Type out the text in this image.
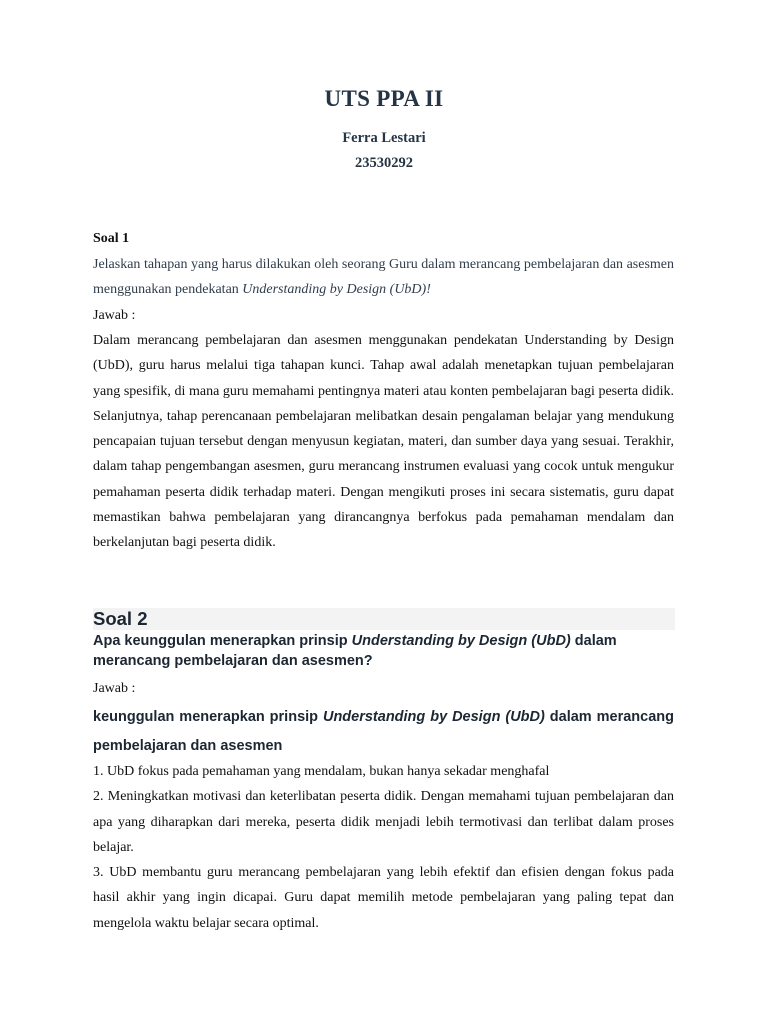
UTS PPA II
Ferra Lestari
23530292
Soal 1
Jelaskan tahapan yang harus dilakukan oleh seorang Guru dalam merancang pembelajaran dan asesmen menggunakan pendekatan Understanding by Design (UbD)!
Jawab :
Dalam merancang pembelajaran dan asesmen menggunakan pendekatan Understanding by Design (UbD), guru harus melalui tiga tahapan kunci. Tahap awal adalah menetapkan tujuan pembelajaran yang spesifik, di mana guru memahami pentingnya materi atau konten pembelajaran bagi peserta didik. Selanjutnya, tahap perencanaan pembelajaran melibatkan desain pengalaman belajar yang mendukung pencapaian tujuan tersebut dengan menyusun kegiatan, materi, dan sumber daya yang sesuai. Terakhir, dalam tahap pengembangan asesmen, guru merancang instrumen evaluasi yang cocok untuk mengukur pemahaman peserta didik terhadap materi. Dengan mengikuti proses ini secara sistematis, guru dapat memastikan bahwa pembelajaran yang dirancangnya berfokus pada pemahaman mendalam dan berkelanjutan bagi peserta didik.
Soal 2
Apa keunggulan menerapkan prinsip Understanding by Design (UbD) dalam merancang pembelajaran dan asesmen?
Jawab :
keunggulan menerapkan prinsip Understanding by Design (UbD) dalam merancang pembelajaran dan asesmen

1. UbD fokus pada pemahaman yang mendalam, bukan hanya sekadar menghafal

2. Meningkatkan motivasi dan keterlibatan peserta didik. Dengan memahami tujuan pembelajaran dan apa yang diharapkan dari mereka, peserta didik menjadi lebih termotivasi dan terlibat dalam proses belajar.

3. UbD membantu guru merancang pembelajaran yang lebih efektif dan efisien dengan fokus pada hasil akhir yang ingin dicapai. Guru dapat memilih metode pembelajaran yang paling tepat dan mengelola waktu belajar secara optimal.
